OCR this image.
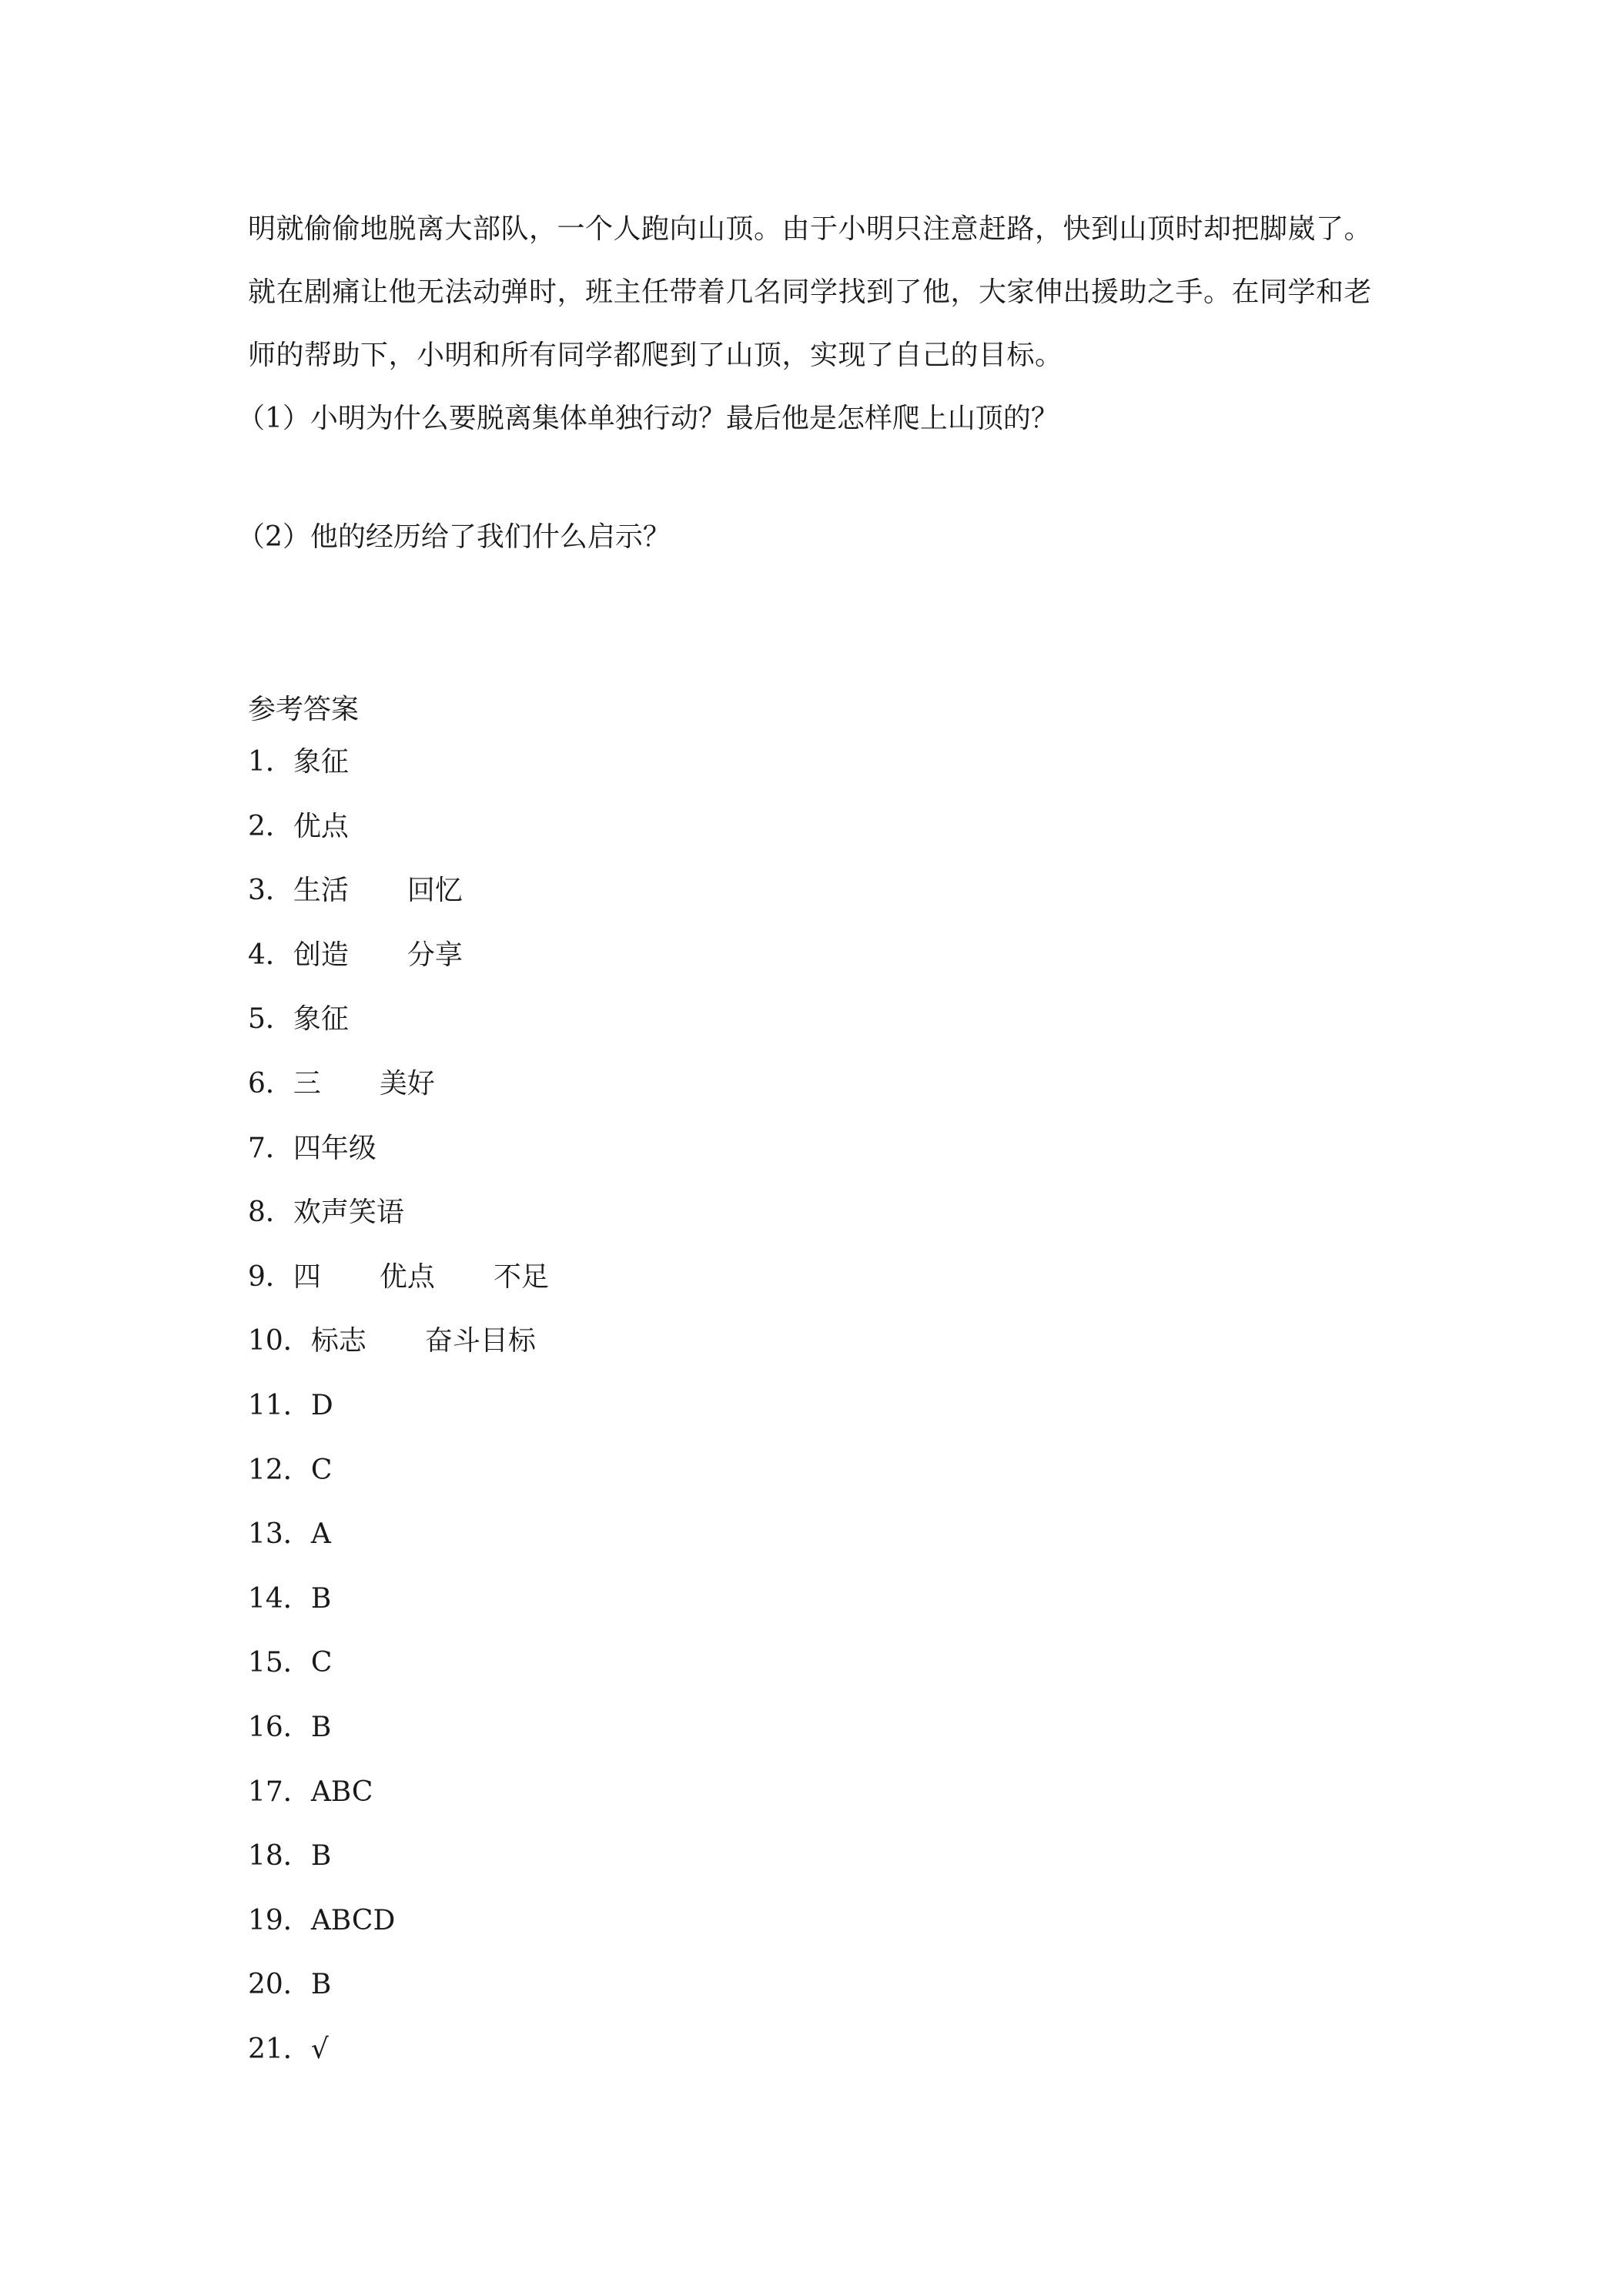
明就偷偷地脱离大部队，一个人跑向山顶。由于小明只注意赶路，快到山顶时却把脚崴了。
就在剧痛让他无法动弹时，班主任带着几名同学找到了他，大家伸出援助之手。在同学和老
师的帮助下，小明和所有同学都爬到了山顶，实现了自己的目标。
（1）小明为什么要脱离集体单独行动？最后他是怎样爬上山顶的？
（2）他的经历给了我们什么启示？
参考答案
1． 象征
2． 优点
3． 生活 回忆
4． 创造 分享
5． 象征
6． 三 美好
7． 四年级
8． 欢声笑语
9． 四 优点 不足
10． 标志 奋斗目标
11． D
12． C
13． A
14． B
15． C
16． B
17． ABC
18． B
19． ABCD
20． B
21． √
